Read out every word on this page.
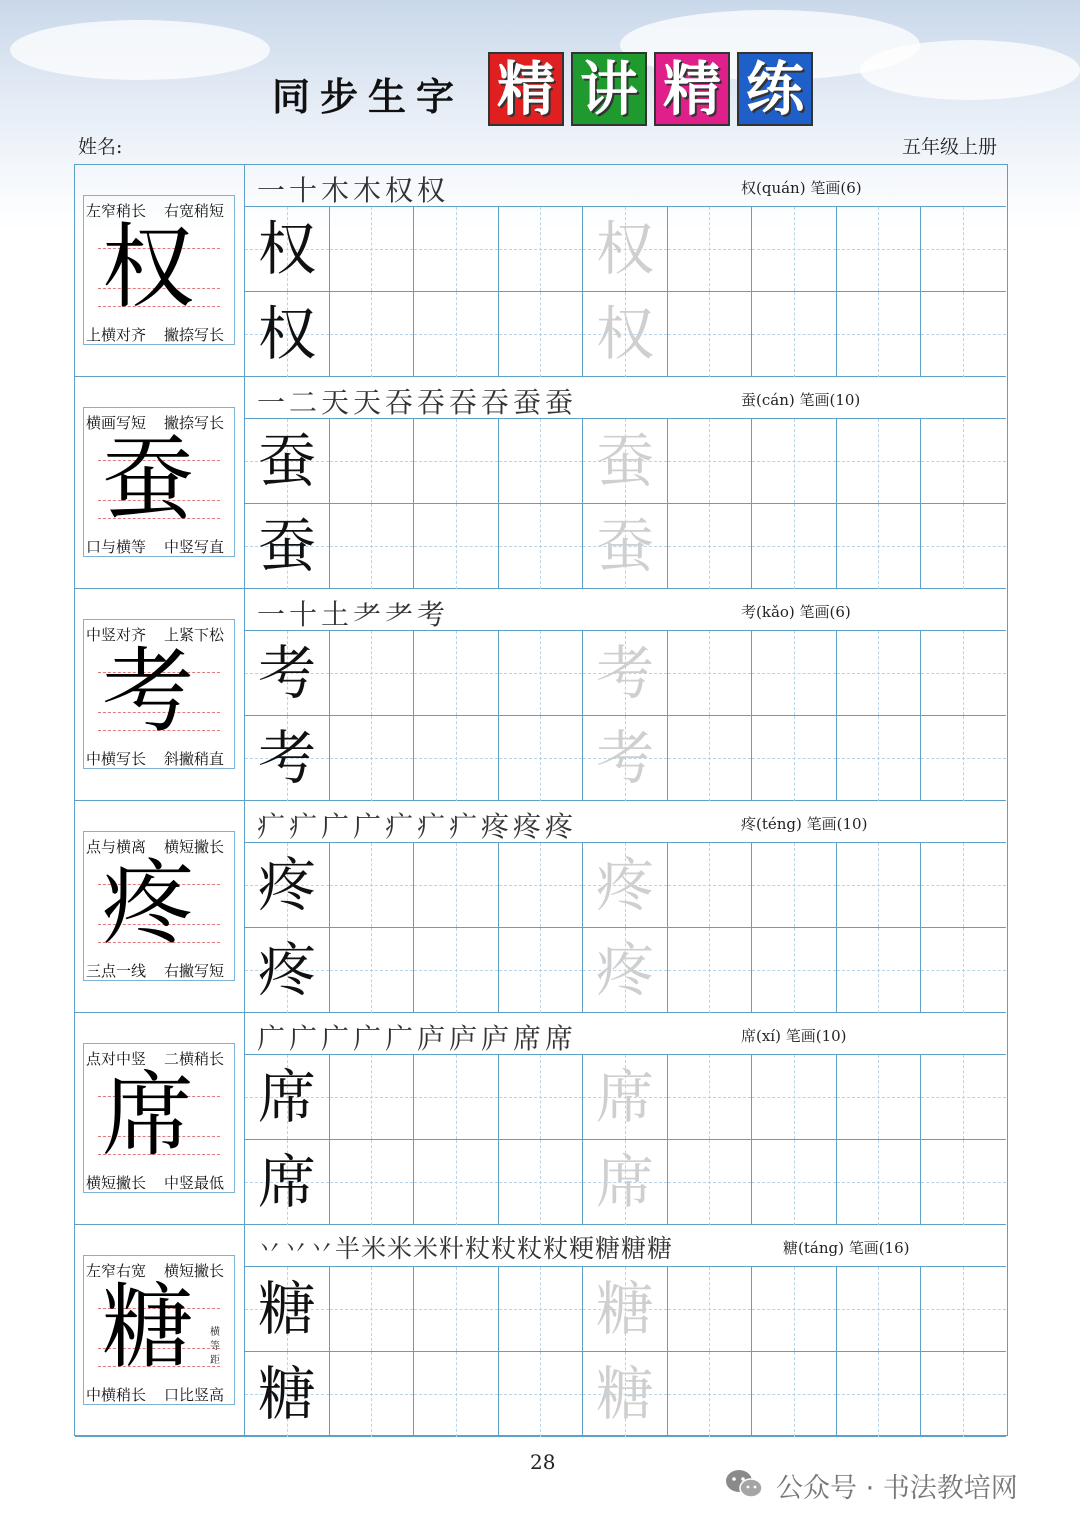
同步生字 精 讲 精 练
姓名:	五年级上册
左窄稍长 右宽稍短
上横对齐 撇捺写长
权
一十木木权权	权(quán) 笔画(6)
权	权
权	权
横画写短 撇捺写长
口与横等 中竖写直
蚕
一二天天吞吞吞吞蚕蚕	蚕(cán) 笔画(10)
蚕	蚕
蚕	蚕
中竖对齐 上紧下松
中横写长 斜撇稍直
考
一十土耂耂考	考(kǎo) 笔画(6)
考	考
考	考
点与横离 横短撇长
三点一线 右撇写短
疼
疒疒广广疒疒疒疼疼疼	疼(téng) 笔画(10)
疼	疼
疼	疼
点对中竖 二横稍长
横短撇长 中竖最低
席
广广广广广庐庐庐席席	席(xí) 笔画(10)
席	席
席	席
左窄右宽 横短撇长
中横稍长 口比竖高
糖 横等距
丷丷丷半米米米籵粀粀粀粀粳糖糖糖	糖(táng) 笔画(16)
糖	糖
糖	糖
28
公众号 · 书法教培网
